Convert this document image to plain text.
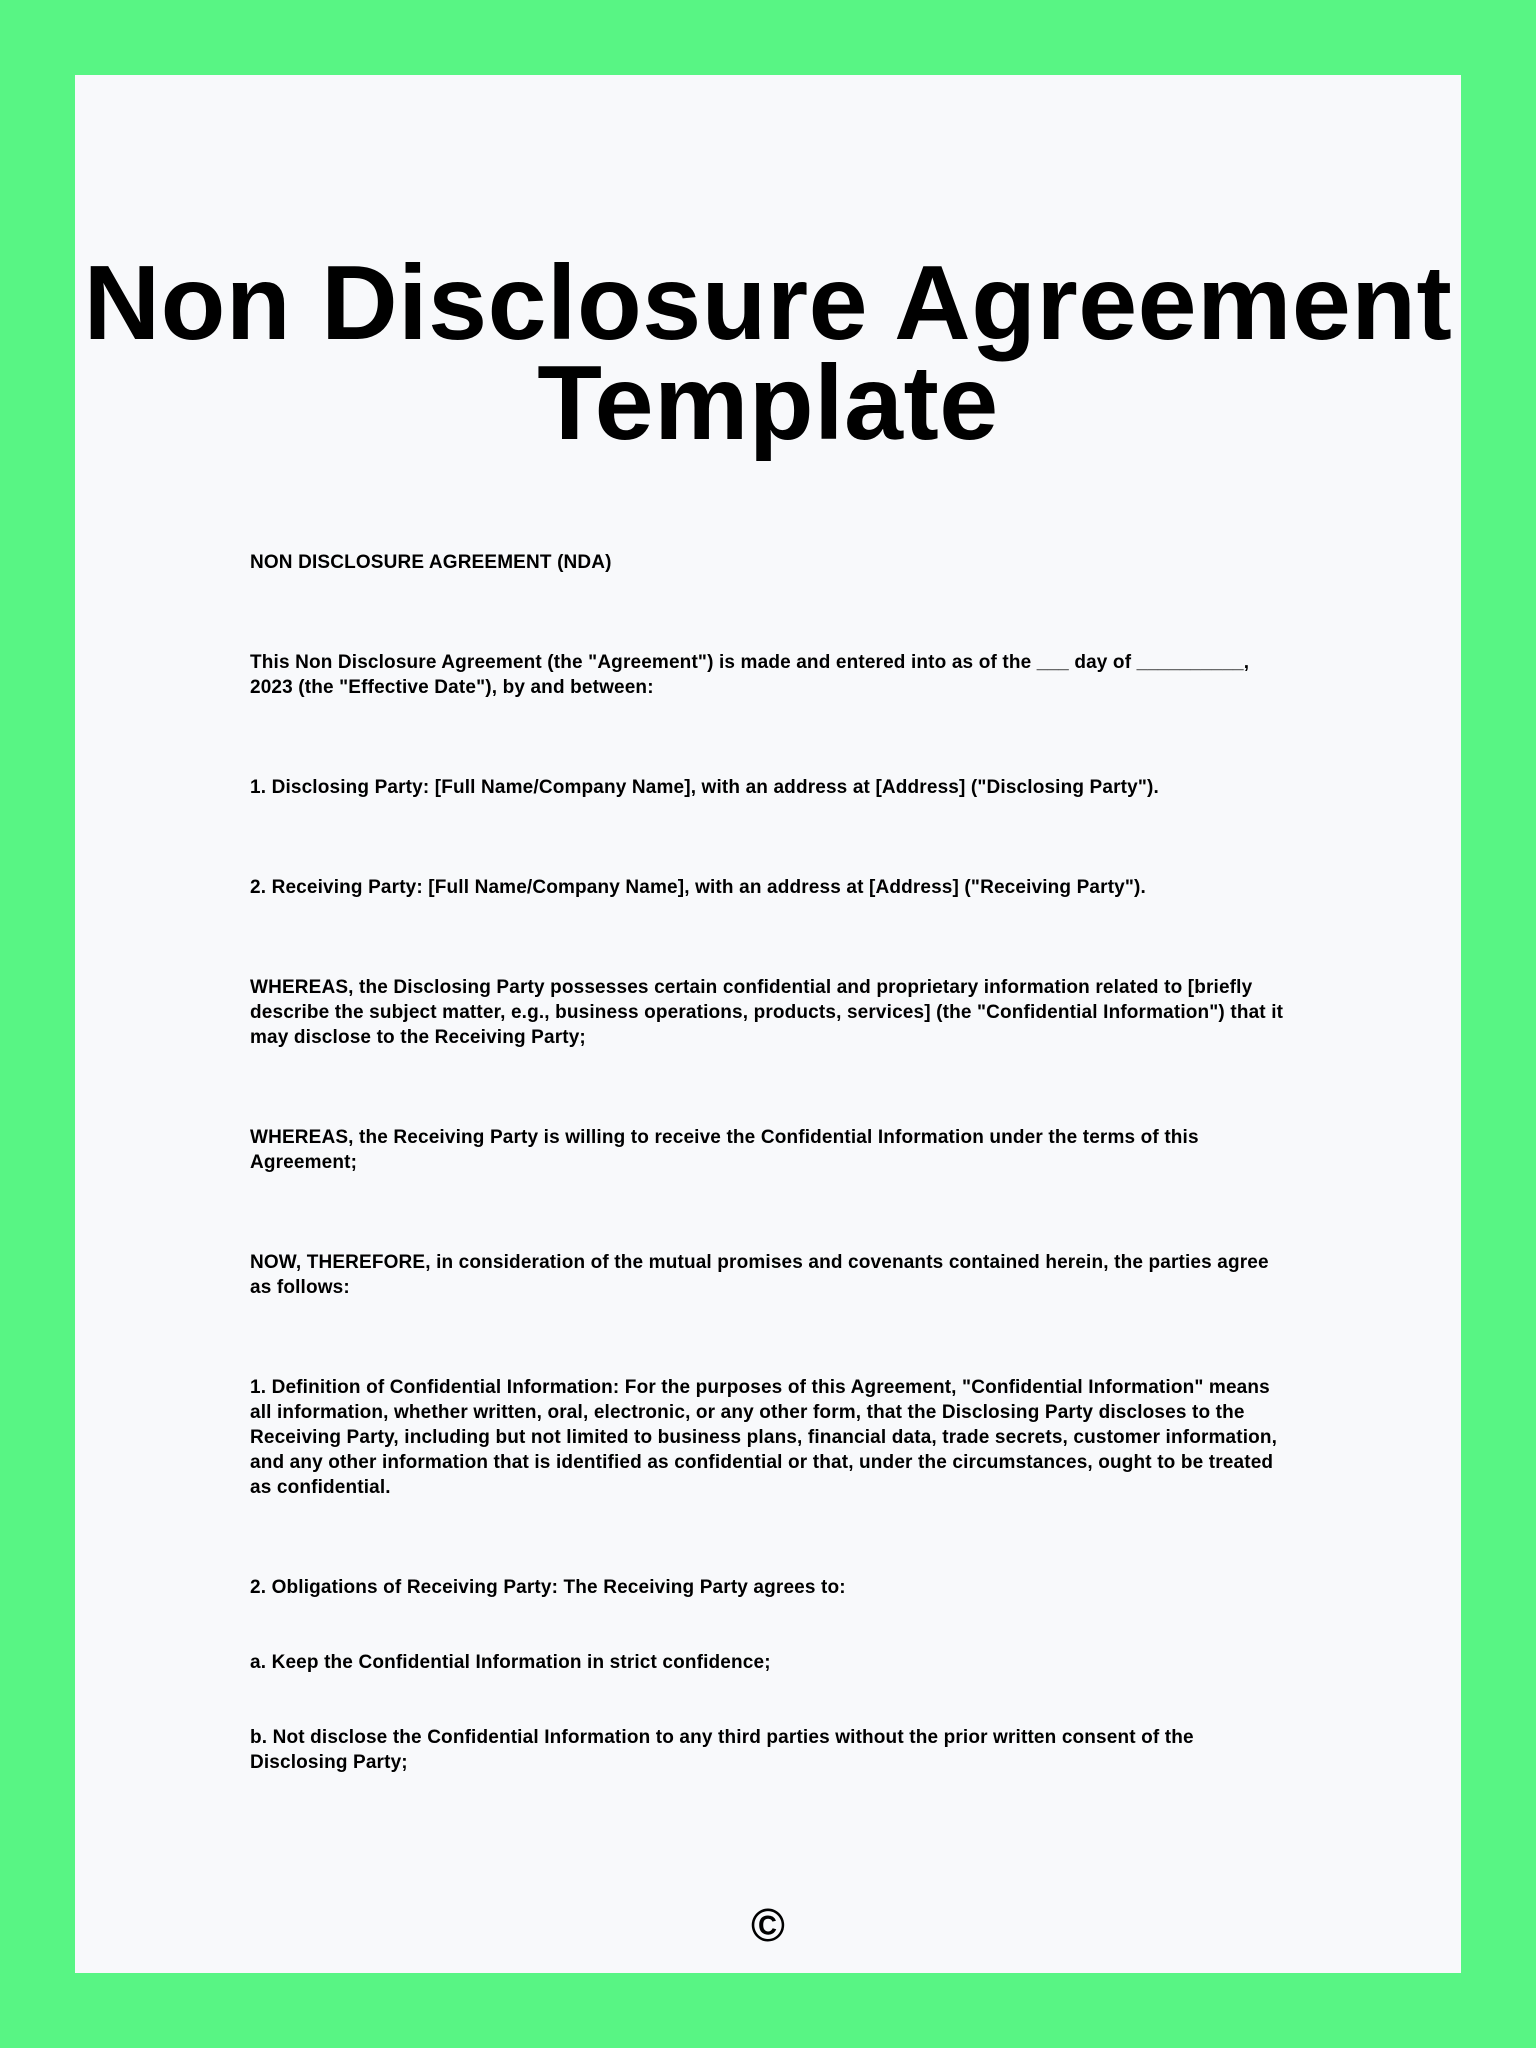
Non Disclosure Agreement
Template

NON DISCLOSURE AGREEMENT (NDA)

This Non Disclosure Agreement (the "Agreement") is made and entered into as of the ___ day of __________, 2023 (the "Effective Date"), by and between:

1. Disclosing Party: [Full Name/Company Name], with an address at [Address] ("Disclosing Party").

2. Receiving Party: [Full Name/Company Name], with an address at [Address] ("Receiving Party").

WHEREAS, the Disclosing Party possesses certain confidential and proprietary information related to [briefly describe the subject matter, e.g., business operations, products, services] (the "Confidential Information") that it may disclose to the Receiving Party;

WHEREAS, the Receiving Party is willing to receive the Confidential Information under the terms of this Agreement;

NOW, THEREFORE, in consideration of the mutual promises and covenants contained herein, the parties agree as follows:

1. Definition of Confidential Information: For the purposes of this Agreement, "Confidential Information" means all information, whether written, oral, electronic, or any other form, that the Disclosing Party discloses to the Receiving Party, including but not limited to business plans, financial data, trade secrets, customer information, and any other information that is identified as confidential or that, under the circumstances, ought to be treated as confidential.

2. Obligations of Receiving Party: The Receiving Party agrees to:

a. Keep the Confidential Information in strict confidence;

b. Not disclose the Confidential Information to any third parties without the prior written consent of the Disclosing Party;

©
